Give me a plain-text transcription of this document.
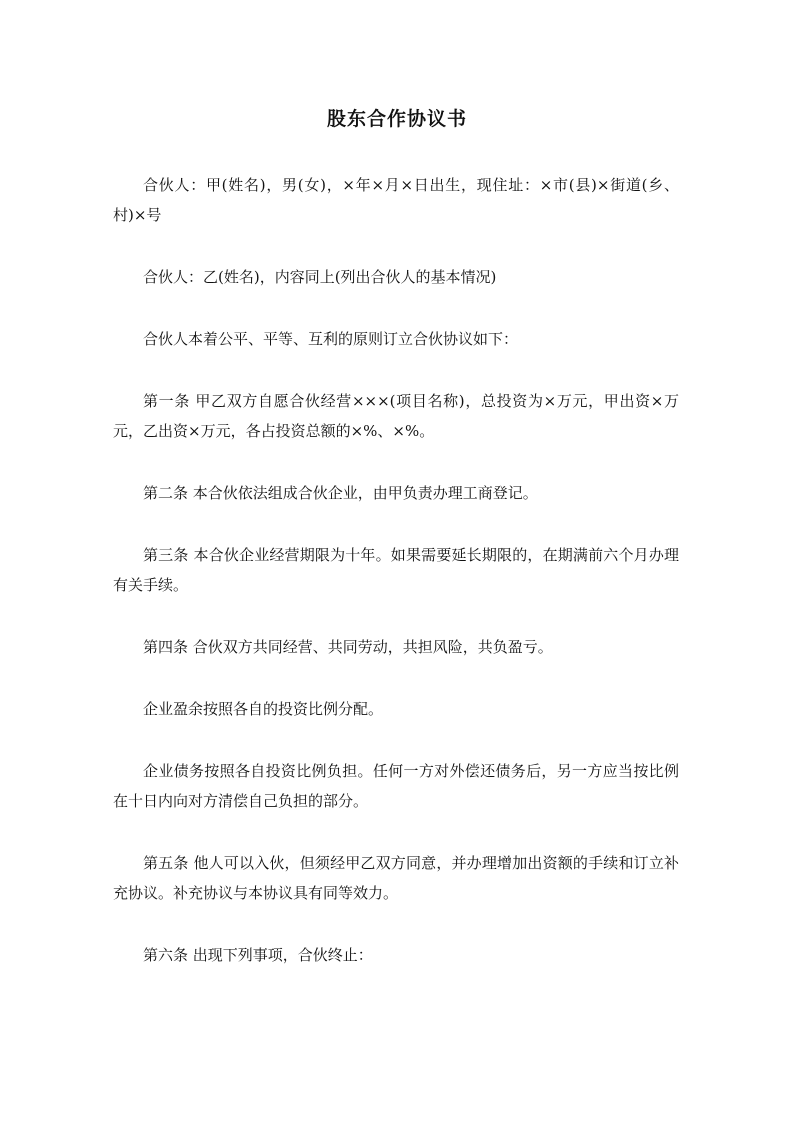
股东合作协议书

合伙人：甲(姓名)，男(女)，×年×月×日出生，现住址：×市(县)×街道(乡、村)×号

合伙人：乙(姓名)，内容同上(列出合伙人的基本情况)

合伙人本着公平、平等、互利的原则订立合伙协议如下：

第一条 甲乙双方自愿合伙经营×××(项目名称)，总投资为×万元，甲出资×万元，乙出资×万元，各占投资总额的×%、×%。

第二条 本合伙依法组成合伙企业，由甲负责办理工商登记。

第三条 本合伙企业经营期限为十年。如果需要延长期限的，在期满前六个月办理有关手续。

第四条 合伙双方共同经营、共同劳动，共担风险，共负盈亏。

企业盈余按照各自的投资比例分配。

企业债务按照各自投资比例负担。任何一方对外偿还债务后，另一方应当按比例在十日内向对方清偿自己负担的部分。

第五条 他人可以入伙，但须经甲乙双方同意，并办理增加出资额的手续和订立补充协议。补充协议与本协议具有同等效力。

第六条 出现下列事项，合伙终止：
